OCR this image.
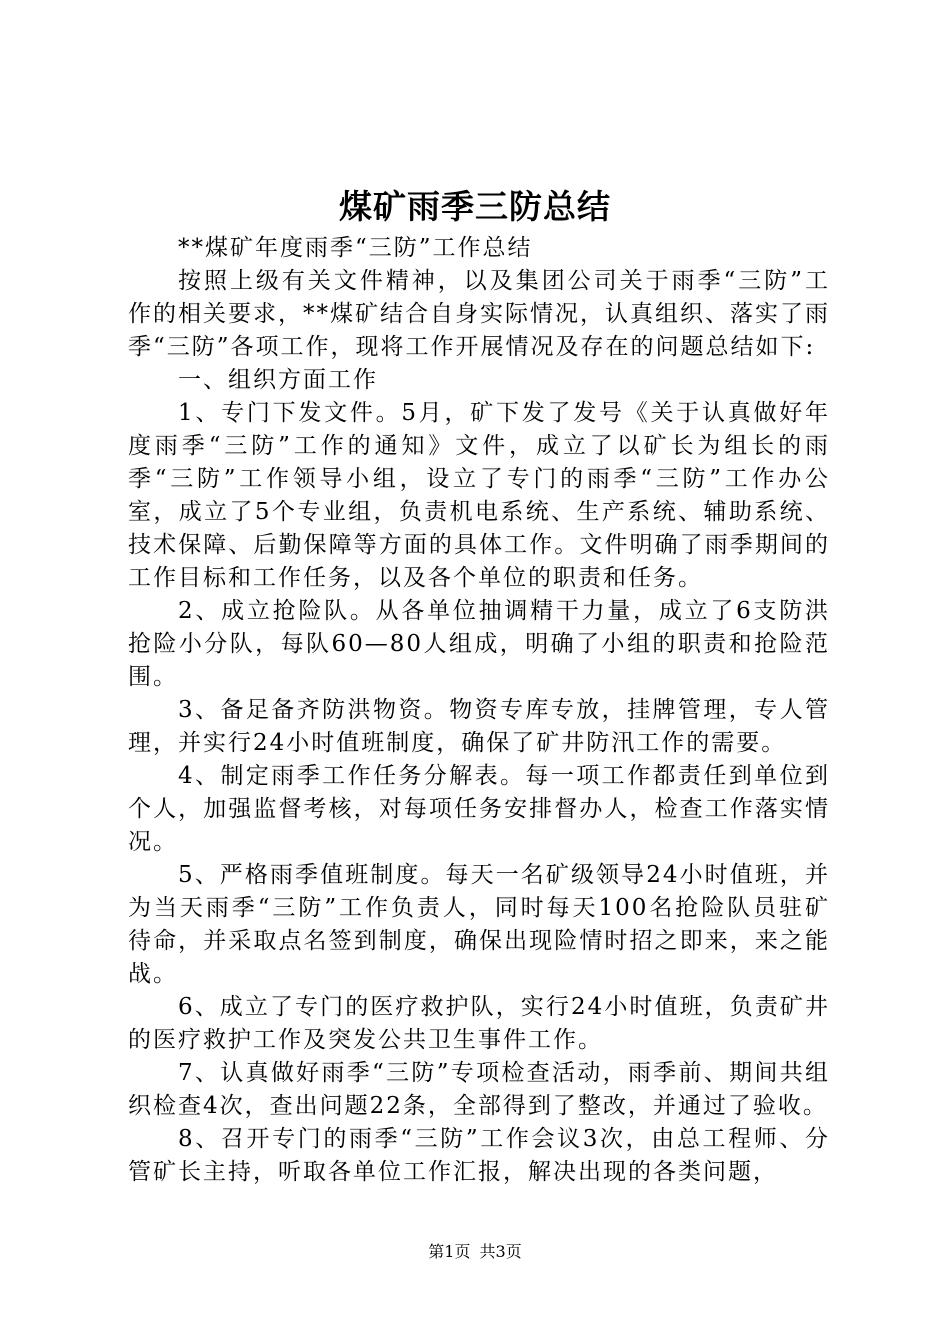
煤矿雨季三防总结

**煤矿年度雨季“三防”工作总结

按照上级有关文件精神，以及集团公司关于雨季“三防”工作的相关要求，**煤矿结合自身实际情况，认真组织、落实了雨季“三防”各项工作，现将工作开展情况及存在的问题总结如下:

一、组织方面工作

1、专门下发文件。5月，矿下发了发号《关于认真做好年度雨季“三防”工作的通知》文件，成立了以矿长为组长的雨季“三防”工作领导小组，设立了专门的雨季“三防”工作办公室，成立了5个专业组，负责机电系统、生产系统、辅助系统、技术保障、后勤保障等方面的具体工作。文件明确了雨季期间的工作目标和工作任务，以及各个单位的职责和任务。

2、成立抢险队。从各单位抽调精干力量，成立了6支防洪抢险小分队，每队60—80人组成，明确了小组的职责和抢险范围。

3、备足备齐防洪物资。物资专库专放，挂牌管理，专人管理，并实行24小时值班制度，确保了矿井防汛工作的需要。

4、制定雨季工作任务分解表。每一项工作都责任到单位到个人，加强监督考核，对每项任务安排督办人，检查工作落实情况。

5、严格雨季值班制度。每天一名矿级领导24小时值班，并为当天雨季“三防”工作负责人，同时每天100名抢险队员驻矿待命，并采取点名签到制度，确保出现险情时招之即来，来之能战。

6、成立了专门的医疗救护队，实行24小时值班，负责矿井的医疗救护工作及突发公共卫生事件工作。

7、认真做好雨季“三防”专项检查活动，雨季前、期间共组织检查4次，查出问题22条，全部得到了整改，并通过了验收。

8、召开专门的雨季“三防”工作会议3次，由总工程师、分管矿长主持，听取各单位工作汇报，解决出现的各类问题，

第1页 共3页
